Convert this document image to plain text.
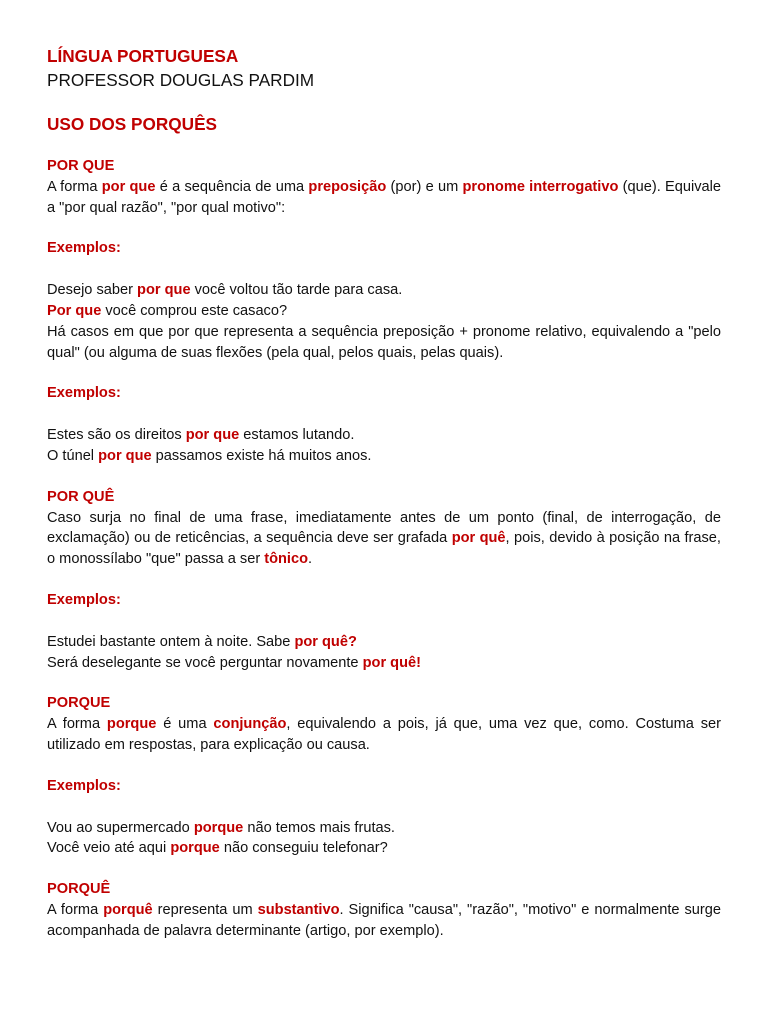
LÍNGUA PORTUGUESA

PROFESSOR DOUGLAS PARDIM

USO DOS PORQUÊS

POR QUE

A forma por que é a sequência de uma preposição (por) e um pronome interrogativo (que). Equivale a "por qual razão", "por qual motivo":

Exemplos:

Desejo saber por que você voltou tão tarde para casa.

Por que você comprou este casaco?

Há casos em que por que representa a sequência preposição + pronome relativo, equivalendo a "pelo qual" (ou alguma de suas flexões (pela qual, pelos quais, pelas quais).

Exemplos:

Estes são os direitos por que estamos lutando.

O túnel por que passamos existe há muitos anos.

POR QUÊ

Caso surja no final de uma frase, imediatamente antes de um ponto (final, de interrogação, de exclamação) ou de reticências, a sequência deve ser grafada por quê, pois, devido à posição na frase, o monossílabo "que" passa a ser tônico.

Exemplos:

Estudei bastante ontem à noite. Sabe por quê?

Será deselegante se você perguntar novamente por quê!

PORQUE

A forma porque é uma conjunção, equivalendo a pois, já que, uma vez que, como. Costuma ser utilizado em respostas, para explicação ou causa.

Exemplos:

Vou ao supermercado porque não temos mais frutas.

Você veio até aqui porque não conseguiu telefonar?

PORQUÊ

A forma porquê representa um substantivo. Significa "causa", "razão", "motivo" e normalmente surge acompanhada de palavra determinante (artigo, por exemplo).
